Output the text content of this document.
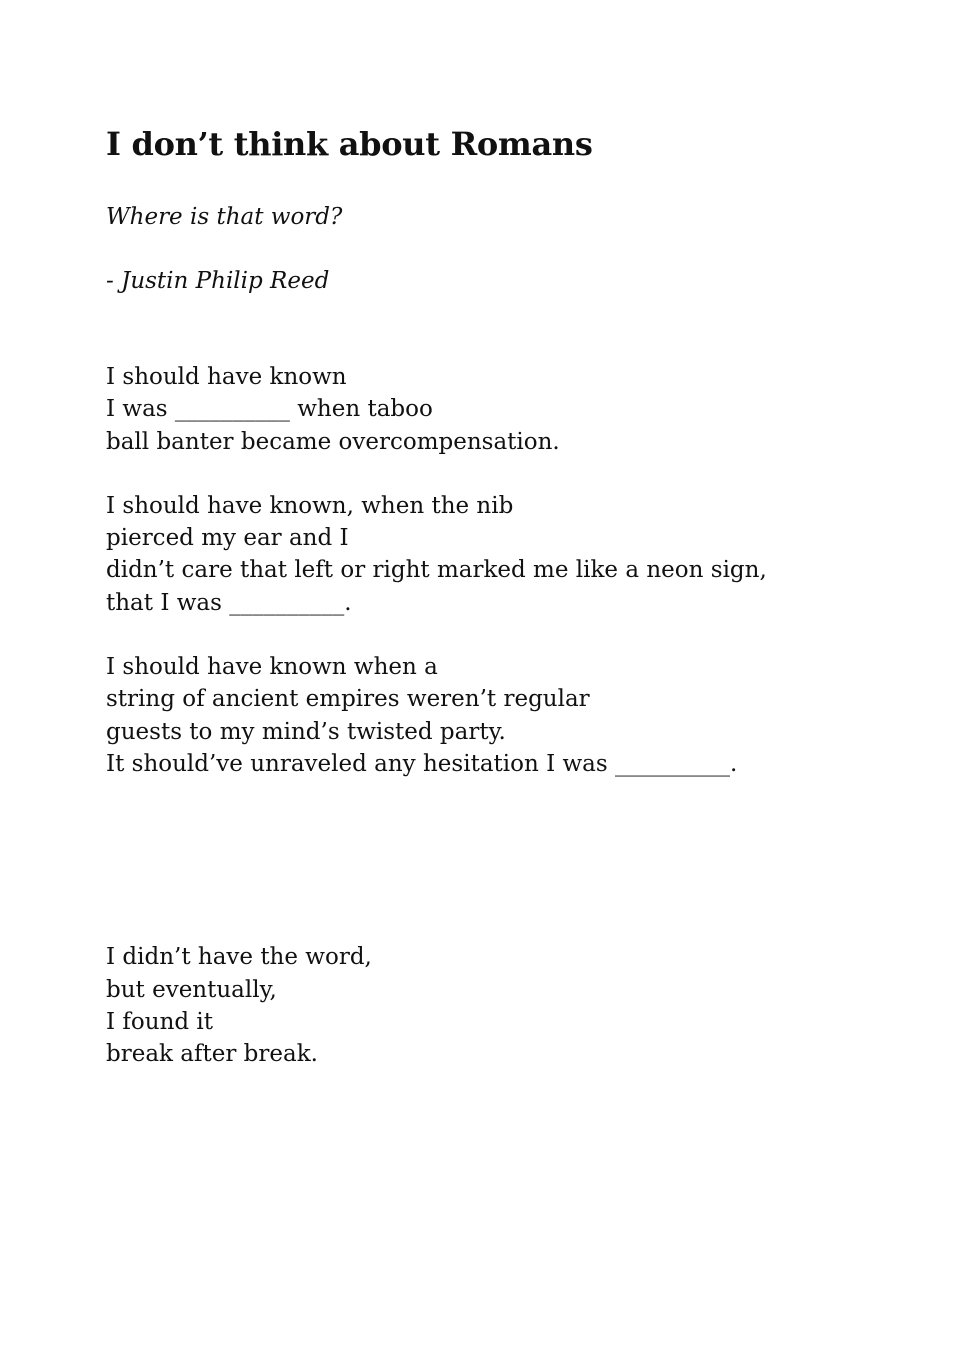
I don’t think about Romans

Where is that word?

- Justin Philip Reed

I should have known
I was __________ when taboo
ball banter became overcompensation.
I should have known, when the nib
pierced my ear and I
didn’t care that left or right marked me like a neon sign,
that I was __________.
I should have known when a
string of ancient empires weren’t regular
guests to my mind’s twisted party.
It should’ve unraveled any hesitation I was __________.
I didn’t have the word,
but eventually,
I found it
break after break.
